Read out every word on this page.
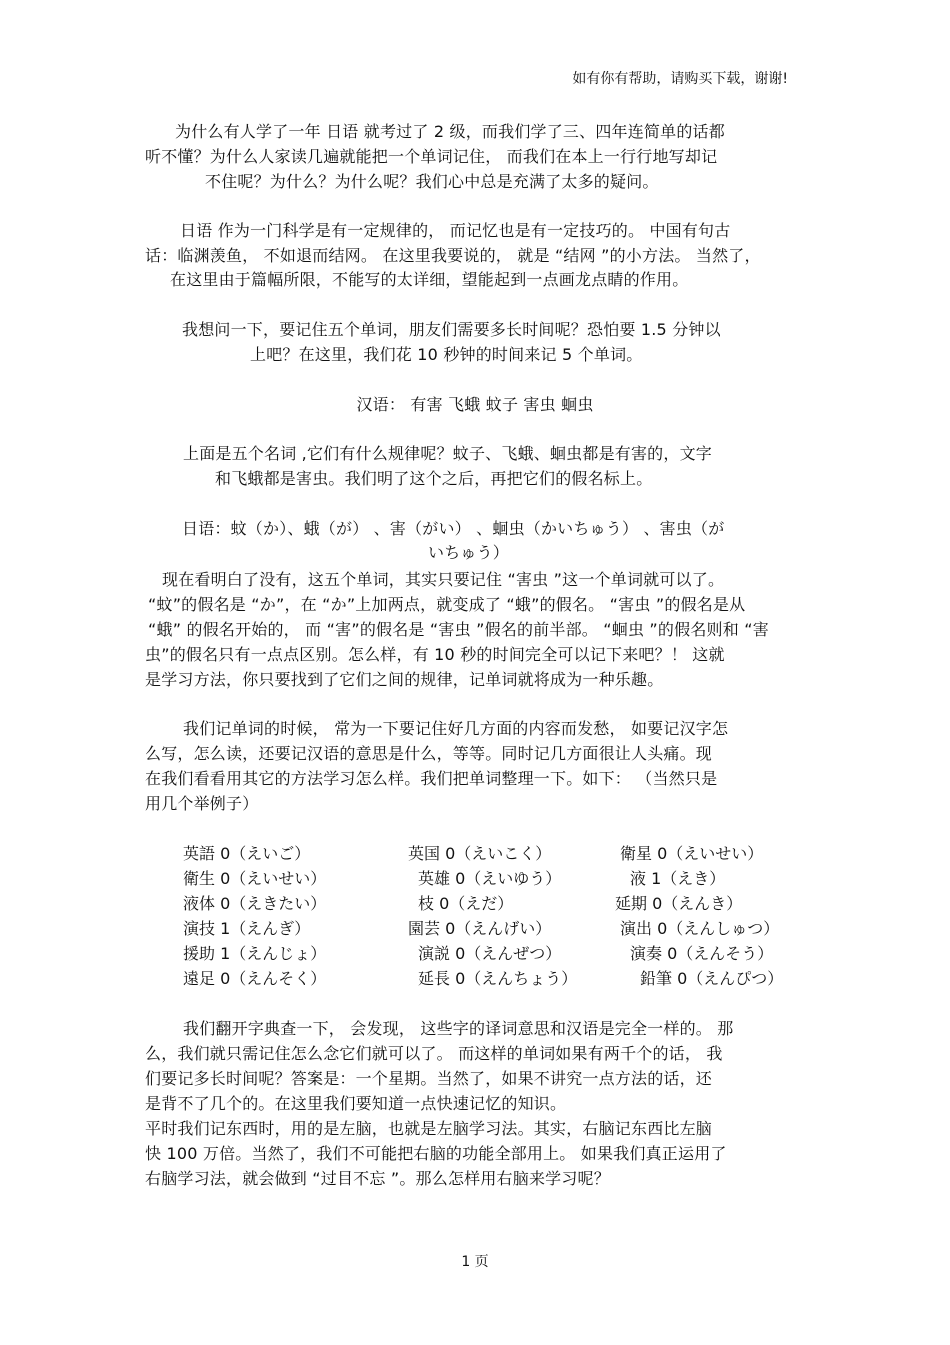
如有你有帮助，请购买下载，谢谢!
为什么有人学了一年 日语 就考过了 2 级，而我们学了三、四年连简单的话都
听不懂？为什么人家读几遍就能把一个单词记住， 而我们在本上一行行地写却记
不住呢？为什么？为什么呢？我们心中总是充满了太多的疑问。
日语 作为一门科学是有一定规律的， 而记忆也是有一定技巧的。 中国有句古
话：临渊羡鱼， 不如退而结网。 在这里我要说的， 就是 “结网 ”的小方法。 当然了，
在这里由于篇幅所限，不能写的太详细，望能起到一点画龙点睛的作用。
我想问一下，要记住五个单词，朋友们需要多长时间呢？恐怕要 1.5 分钟以
上吧？在这里，我们花 10 秒钟的时间来记 5 个单词。
汉语： 有害 飞蛾 蚊子 害虫 蛔虫
上面是五个名词 ,它们有什么规律呢？蚊子、飞蛾、蛔虫都是有害的，文字
和飞蛾都是害虫。我们明了这个之后，再把它们的假名标上。
日语：蚊（か）、蛾（が） 、害（がい） 、蛔虫（かいちゅう） 、害虫（が
いちゅう）
现在看明白了没有，这五个单词，其实只要记住 “害虫 ”这一个单词就可以了。
“蚊”的假名是 “か”，在 “か”上加两点，就变成了 “蛾”的假名。 “害虫 ”的假名是从
“蛾” 的假名开始的， 而 “害”的假名是 “害虫 ”假名的前半部。 “蛔虫 ”的假名则和 “害
虫”的假名只有一点点区别。怎么样，有 10 秒的时间完全可以记下来吧？！ 这就
是学习方法，你只要找到了它们之间的规律，记单词就将成为一种乐趣。
我们记单词的时候， 常为一下要记住好几方面的内容而发愁， 如要记汉字怎
么写，怎么读，还要记汉语的意思是什么，等等。同时记几方面很让人头痛。现
在我们看看用其它的方法学习怎么样。我们把单词整理一下。如下： （当然只是
用几个举例子）
英語 0（えいご）	英国 0（えいこく）	衛星 0（えいせい）
衛生 0（えいせい）	英雄 0（えいゆう）	液 1（えき）
液体 0（えきたい）	枝 0（えだ）	延期 0（えんき）
演技 1（えんぎ）	園芸 0（えんげい）	演出 0（えんしゅつ）
援助 1（えんじょ）	演説 0（えんぜつ）	演奏 0（えんそう）
遠足 0（えんそく）	延長 0（えんちょう）	鉛筆 0（えんぴつ）
我们翻开字典查一下， 会发现， 这些字的译词意思和汉语是完全一样的。 那
么，我们就只需记住怎么念它们就可以了。 而这样的单词如果有两千个的话， 我
们要记多长时间呢？答案是：一个星期。当然了，如果不讲究一点方法的话，还
是背不了几个的。在这里我们要知道一点快速记忆的知识。
平时我们记东西时，用的是左脑，也就是左脑学习法。其实，右脑记东西比左脑
快 100 万倍。当然了，我们不可能把右脑的功能全部用上。 如果我们真正运用了
右脑学习法，就会做到 “过目不忘 ”。那么怎样用右脑来学习呢？
1 页
